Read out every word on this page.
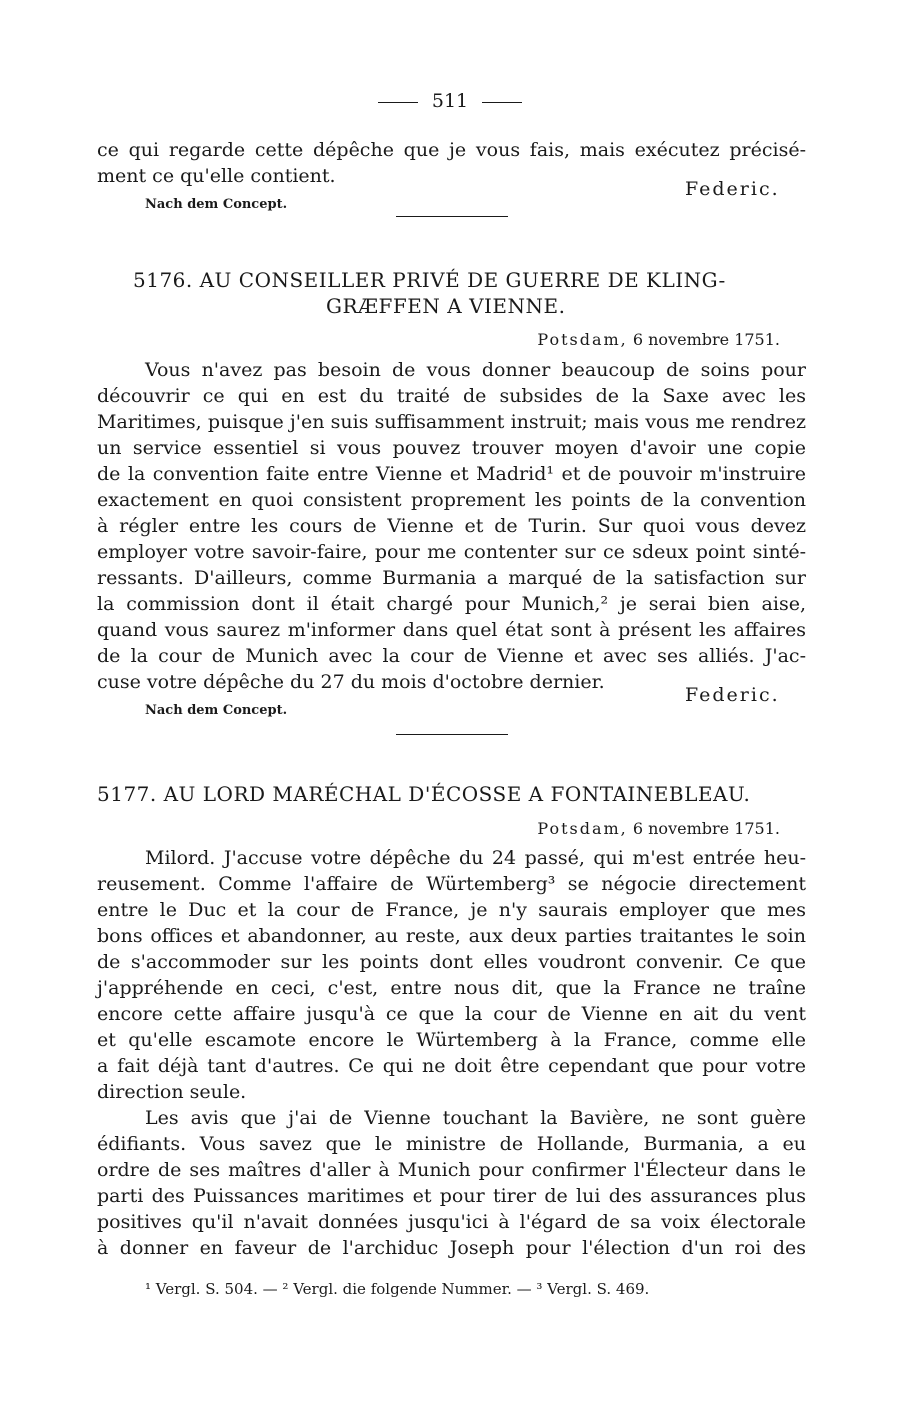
511
ce qui regarde cette dépêche que je vous fais, mais exécutez précisé-
ment ce qu'elle contient.
Federic.
Nach dem Concept.
5176. AU CONSEILLER PRIVÉ DE GUERRE DE KLING-
GRÆFFEN A VIENNE.
Potsdam, 6 novembre 1751.
Vous n'avez pas besoin de vous donner beaucoup de soins pour
découvrir ce qui en est du traité de subsides de la Saxe avec les
Maritimes, puisque j'en suis suffisamment instruit; mais vous me rendrez
un service essentiel si vous pouvez trouver moyen d'avoir une copie
de la convention faite entre Vienne et Madrid¹ et de pouvoir m'instruire
exactement en quoi consistent proprement les points de la convention
à régler entre les cours de Vienne et de Turin. Sur quoi vous devez
employer votre savoir-faire, pour me contenter sur ce sdeux point sinté-
ressants. D'ailleurs, comme Burmania a marqué de la satisfaction sur
la commission dont il était chargé pour Munich,² je serai bien aise,
quand vous saurez m'informer dans quel état sont à présent les affaires
de la cour de Munich avec la cour de Vienne et avec ses alliés. J'ac-
cuse votre dépêche du 27 du mois d'octobre dernier.
Federic.
Nach dem Concept.
5177. AU LORD MARÉCHAL D'ÉCOSSE A FONTAINEBLEAU.
Potsdam, 6 novembre 1751.
Milord. J'accuse votre dépêche du 24 passé, qui m'est entrée heu-
reusement. Comme l'affaire de Würtemberg³ se négocie directement
entre le Duc et la cour de France, je n'y saurais employer que mes
bons offices et abandonner, au reste, aux deux parties traitantes le soin
de s'accommoder sur les points dont elles voudront convenir. Ce que
j'appréhende en ceci, c'est, entre nous dit, que la France ne traîne
encore cette affaire jusqu'à ce que la cour de Vienne en ait du vent
et qu'elle escamote encore le Würtemberg à la France, comme elle
a fait déjà tant d'autres. Ce qui ne doit être cependant que pour votre
direction seule.
Les avis que j'ai de Vienne touchant la Bavière, ne sont guère
édifiants. Vous savez que le ministre de Hollande, Burmania, a eu
ordre de ses maîtres d'aller à Munich pour confirmer l'Électeur dans le
parti des Puissances maritimes et pour tirer de lui des assurances plus
positives qu'il n'avait données jusqu'ici à l'égard de sa voix électorale
à donner en faveur de l'archiduc Joseph pour l'élection d'un roi des
¹ Vergl. S. 504. — ² Vergl. die folgende Nummer. — ³ Vergl. S. 469.
